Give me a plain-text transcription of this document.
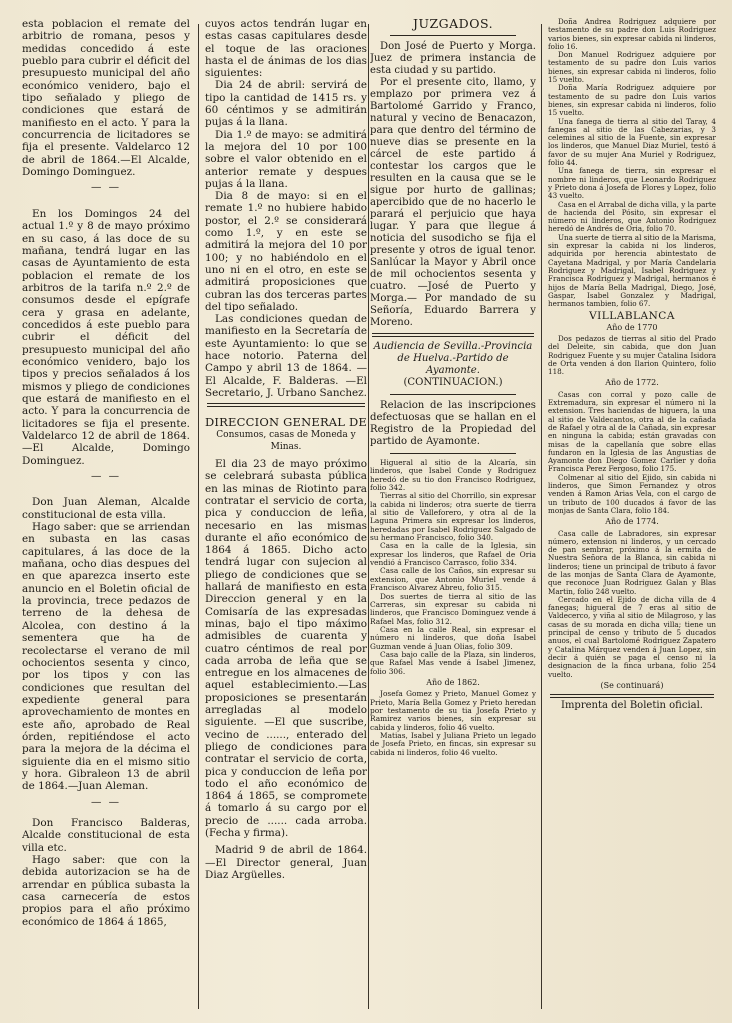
esta poblacion el remate del arbitrio de romana, pesos y medidas concedido á este pueblo para cubrir el déficit del presupuesto municipal del año económico venidero, bajo el tipo señalado y pliego de condiciones que estará de manifiesto en el acto. Y para la concurrencia de licitadores se fija el presente. Valdelarco 12 de abril de 1864.—El Alcalde, Domingo Dominguez.

— —

En los Domingos 24 del actual 1.º y 8 de mayo próximo en su caso, á las doce de su mañana, tendrá lugar en las casas de Ayuntamiento de esta poblacion el remate de los arbitros de la tarifa n.º 2.º de consumos desde el epígrafe cera y grasa en adelante, concedidos á este pueblo para cubrir el déficit del presupuesto municipal del año económico venidero, bajo los tipos y precios señalados á los mismos y pliego de condiciones que estará de manifiesto en el acto. Y para la concurrencia de licitadores se fija el presente. Valdelarco 12 de abril de 1864. —El Alcalde, Domingo Dominguez.

— —

Don Juan Aleman, Alcalde constitucional de esta villa.

Hago saber: que se arriendan en subasta en las casas capitulares, á las doce de la mañana, ocho dias despues del en que aparezca inserto este anuncio en el Boletin oficial de la provincia, trece pedazos de terreno de la dehesa de Alcolea, con destino á la sementera que ha de recolectarse el verano de mil ochocientos sesenta y cinco, por los tipos y con las condiciones que resultan del expediente general para aprovechamiento de montes en este año, aprobado de Real órden, repitiéndose el acto para la mejora de la décima el siguiente dia en el mismo sitio y hora. Gibraleon 13 de abril de 1864.—Juan Aleman.

— —

Don Francisco Balderas, Alcalde constitucional de esta villa etc.

Hago saber: que con la debida autorizacion se ha de arrendar en pública subasta la casa carnecería de estos propios para el año próximo económico de 1864 á 1865,

cuyos actos tendrán lugar en estas casas capitulares desde el toque de las oraciones hasta el de ánimas de los dias siguientes:

Dia 24 de abril: servirá de tipo la cantidad de 1415 rs. y 60 céntimos y se admitirán pujas á la llana.

Dia 1.º de mayo: se admitirá la mejora del 10 por 100 sobre el valor obtenido en el anterior remate y despues pujas á la llana.

Dia 8 de mayo: si en el remate 1.º no hubiere habido postor, el 2.º se considerará como 1.º, y en este se admitirá la mejora del 10 por 100; y no habiéndolo en el uno ni en el otro, en este se admitirá proposiciones que cubran las dos terceras partes del tipo señalado.

Las condiciones quedan de manifiesto en la Secretaría de este Ayuntamiento: lo que se hace notorio. Paterna del Campo y abril 13 de 1864. —El Alcalde, F. Balderas. —El Secretario, J. Urbano Sanchez.

DIRECCION GENERAL DE
Consumos, casas de Moneda y Minas.

El dia 23 de mayo próximo se celebrará subasta pública en las minas de Riotinto para contratar el servicio de corta, pica y conduccion de leña, necesario en las mismas durante el año económico de 1864 á 1865. Dicho acto tendrá lugar con sujecion al pliego de condiciones que se hallará de manifiesto en esta Direccion general y en la Comisaría de las expresadas minas, bajo el tipo máximo admisibles de cuarenta y cuatro céntimos de real por cada arroba de leña que se entregue en los almacenes de aquel establecimiento.—Las proposiciones se presentarán arregladas al modelo siguiente. —El que suscribe, vecino de ......, enterado del pliego de condiciones para contratar el servicio de corta, pica y conduccion de leña por todo el año económico de 1864 á 1865, se compromete á tomarlo á su cargo por el precio de ...... cada arroba. (Fecha y firma).

Madrid 9 de abril de 1864. —El Director general, Juan Diaz Argüelles.

JUZGADOS.

Don José de Puerto y Morga. Juez de primera instancia de esta ciudad y su partido.

Por el presente cito, llamo, y emplazo por primera vez á Bartolomé Garrido y Franco, natural y vecino de Benacazon, para que dentro del término de nueve dias se presente en la cárcel de este partido á contestar los cargos que le resulten en la causa que se le sigue por hurto de gallinas; apercibido que de no hacerlo le parará el perjuicio que haya lugar. Y para que llegue á noticia del susodicho se fija el presente y otros de igual tenor. Sanlúcar la Mayor y Abril once de mil ochocientos sesenta y cuatro. —José de Puerto y Morga.— Por mandado de su Señoría, Eduardo Barrera y Moreno.

Audiencia de Sevilla.-Provincia de Huelva.-Partido de Ayamonte.

(CONTINUACION.)

Relacion de las inscripciones defectuosas que se hallan en el Registro de la Propiedad del partido de Ayamonte.

Higueral al sitio de la Alcaría, sin linderos, que Isabel Conde y Rodriguez heredó de su tio don Francisco Rodriguez, folio 342.

Tierras al sitio del Chorrillo, sin expresar la cabida ni linderos; otra suerte de tierra al sitio de Valleforero, y otra al de la Laguna Primera sin expresar los linderos, heredadas por Isabel Rodriguez Salgado de su hermano Francisco, folio 340.

Casa en la calle de la Iglesia, sin expresar los linderos, que Rafael de Oria vendió á Francisco Carrasco, folio 334.

Casa calle de los Caños, sin expresar su extension, que Antonio Muriel vende á Francisco Alvarez Abreu, folio 315.

Dos suertes de tierra al sitio de las Carreras, sin expresar su cabida ni linderos, que Francisco Dominguez vende á Rafael Mas, folio 312.

Casa en la calle Real, sin expresar el número ni linderos, que doña Isabel Guzman vende á Juan Olias, folio 309.

Casa bajo calle de la Plaza, sin linderos, que Rafael Mas vende á Isabel Jimenez, folio 306.

Año de 1862.

Josefa Gomez y Prieto, Manuel Gomez y Prieto, María Bella Gomez y Prieto heredan por testamento de su tia Josefa Prieto y Ramirez varios bienes, sin expresar su cabida y linderos, folio 46 vuelto.

Matias, Isabel y Juliana Prieto un legado de Josefa Prieto, en fincas, sin expresar su cabida ni linderos, folio 46 vuelto.

Doña Andrea Rodriguez adquiere por testamento de su padre don Luis Rodriguez varios bienes, sin expresar cabida ni linderos, folio 16.

Don Manuel Rodriguez adquiere por testamento de su padre don Luis varios bienes, sin expresar cabida ni linderos, folio 15 vuelto.

Doña María Rodriguez adquiere por testamento de su padre don Luis varios bienes, sin expresar cabida ni linderos, folio 15 vuelto.

Una fanega de tierra al sitio del Taray, 4 fanegas al sitio de las Cabezarias, y 3 celemines al sitio de la Fuente, sin expresar los linderos, que Manuel Diaz Muriel, testó á favor de su mujer Ana Muriel y Rodriguez, folio 44.

Una fanega de tierra, sin expresar el nombre ni linderos, que Leonardo Rodriguez y Prieto dona á Josefa de Flores y Lopez, folio 43 vuelto.

Casa en el Arrabal de dicha villa, y la parte de hacienda del Pósito, sin expresar el número ni linderos, que Antonio Rodriguez heredó de Andrés de Oria, folio 70.

Una suerte de tierra al sitio de la Marisma, sin expresar la cabida ni los linderos, adquirida por herencia abintestato de Cayetana Madrigal, y por María Candelaria Rodriguez y Madrigal, Isabel Rodriguez y Francisca Rodriguez y Madrigal, hermanos é hijos de María Bella Madrigal, Diego, José, Gaspar, Isabel Gonzalez y Madrigal, hermanos tambien, folio 67.

VILLABLANCA
Año de 1770

Dos pedazos de tierras al sitio del Prado del Deleite, sin cabida, que don Juan Rodriguez Fuente y su mujer Catalina Isidora de Orta venden á don Ilarion Quintero, folio 118.

Año de 1772.

Casas con corral y pozo calle de Extremadura, sin expresar el número ni la extension. Tres haciendas de higuera, la una al sitio de Valdecantos, otra al de la cañada de Rafael y otra al de la Cañada, sin expresar en ninguna la cabida; están gravadas con misas de la capellanía que sobre ellas fundaron en la Iglesia de las Angustias de Ayamonte don Diego Gomez Carlier y doña Francisca Perez Fergoso, folio 175.

Colmenar al sitio del Ejido, sin cabida ni linderos, que Simon Fernandez y otros venden á Ramon Arias Vela, con el cargo de un tributo de 100 ducados á favor de las monjas de Santa Clara, folio 184.

Año de 1774.

Casa calle de Labradores, sin expresar número, extension ni linderos, y un cercado de pan sembrar, próximo á la ermita de Nuestra Señora de la Blanca, sin cabida ni linderos; tiene un principal de tributo á favor de las monjas de Santa Clara de Ayamonte, que reconoce Juan Rodriguez Galan y Blas Martin, folio 248 vuelto.

Cercado en el Ejido de dicha villa de 4 fanegas; higueral de 7 eras al sitio de Valdecerco, y viña al sitio de Milagroso, y las casas de su morada en dicha villa; tiene un principal de censo y tributo de 5 ducados anuos, el cual Bartolomé Rodriguez Zapatero y Catalina Márquez venden á Juan Lopez, sin decir á quién se paga el censo ni la designacion de la finca urbana, folio 254 vuelto.

(Se continuará)
Imprenta del Boletin oficial.
